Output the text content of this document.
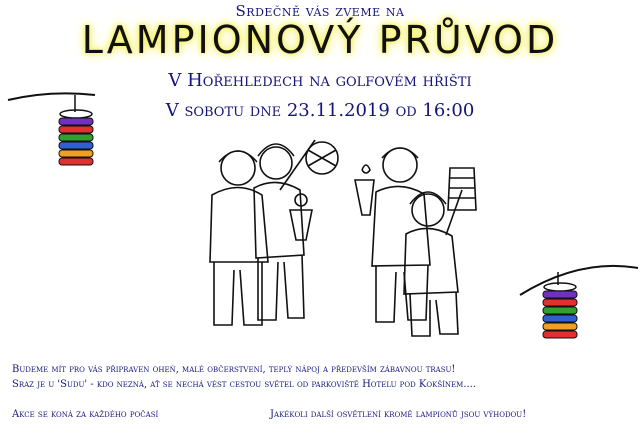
Srdečně vás zveme na
LAMPIONOVÝ PRŮVOD
V Hořehledech na golfovém hřišti
V sobotu dne 23.11.2019 od 16:00
Budeme mít pro vás připraven oheň, malé občerstvení, teplý nápoj a především zábavnou trasu!
Sraz je u 'Sudu' - kdo nezná, ať se nechá vést cestou světel od parkoviště Hotelu pod Kokšínem....
Akce se koná za každého počasí	Jakékoli další osvětlení kromě lampionů jsou výhodou!
